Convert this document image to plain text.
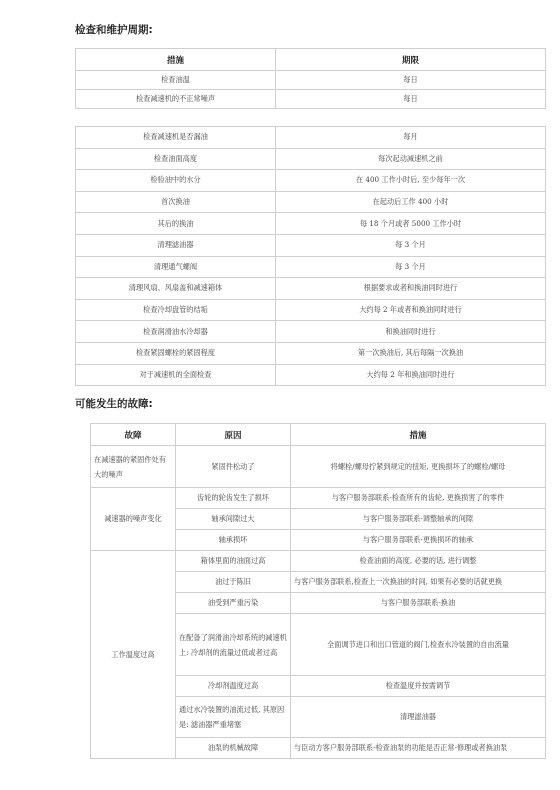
检查和维护周期:
措施	期限
检查油温	每日
检查减速机的不正常噪声	每日
检查减速机是否漏油	每月
检查油面高度	每次起动减速机之前
检验油中的水分	在 400 工作小时后, 至少每年一次
首次换油	在起动后工作 400 小时
其后的换油	每 18 个月或者 5000 工作小时
清理滤油器	每 3 个月
清理通气螺阀	每 3 个月
清理风扇、风扇盖和减速箱体	根据要求或者和换油同时进行
检查冷却盘管的结垢	大约每 2 年或者和换油同时进行
检查润滑油水冷却器	和换油同时进行
检查紧固螺栓的紧固程度	第一次换油后, 其后每隔一次换油
对于减速机的全面检查	大约每 2 年和换油同时进行
可能发生的故障:
故障	原因	措施
在减速器的紧固件处有大的噪声	紧固件松动了	将螺栓/螺母拧紧到规定的扭矩, 更换损坏了的螺栓/螺母
减速器的噪声变化	齿轮的轮齿发生了损坏	与客户服务部联系-检查所有的齿轮, 更换损害了的零件
	轴承间隙过大	与客户服务部联系-调整轴承的间隙
	轴承损坏	与客户服务部联系-更换损坏的轴承
工作温度过高	箱体里面的油面过高	检查油面的高度, 必要的话, 进行调整
	油过于陈旧	与客户服务部联系,检查上一次换油的时间, 如果有必要的话就更换
	油受到严重污染	与客户服务部联系-换油
	在配备了润滑油冷却系统的减速机上: 冷却剂的流量过低或者过高	全面调节进口和出口管道的阀门,检查水冷装置的自由流量
	冷却剂温度过高	检查温度并按需调节
	通过水冷装置的油流过低, 其原因是: 滤油器严重堵塞	清理滤油器
	油泵的机械故障	与臣动方客户服务部联系-检查油泵的功能是否正常-修理或者换油泵
